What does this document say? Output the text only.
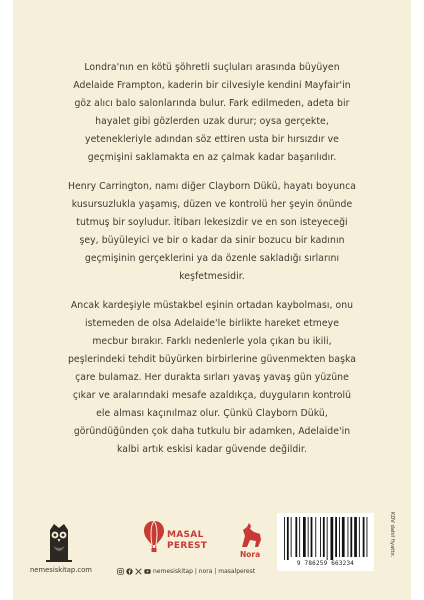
Londra'nın en kötü şöhretli suçluları arasında büyüyen Adelaide Frampton, kaderin bir cilvesiyle kendini Mayfair'in göz alıcı balo salonlarında bulur. Fark edilmeden, adeta bir hayalet gibi gözlerden uzak durur; oysa gerçekte, yetenekleriyle adından söz ettiren usta bir hırsızdır ve geçmişini saklamakta en az çalmak kadar başarılıdır.

Henry Carrington, namı diğer Clayborn Dükü, hayatı boyunca kusursuzlukla yaşamış, düzen ve kontrolü her şeyin önünde tutmuş bir soyludur. İtibarı lekesizdir ve en son isteyeceği şey, büyüleyici ve bir o kadar da sinir bozucu bir kadının geçmişinin gerçeklerini ya da özenle sakladığı sırlarını keşfetmesidir.

Ancak kardeşiyle müstakbel eşinin ortadan kaybolması, onu istemeden de olsa Adelaide'le birlikte hareket etmeye mecbur bırakır. Farklı nedenlerle yola çıkan bu ikili, peşlerindeki tehdit büyürken birbirlerine güvenmekten başka çare bulamaz. Her durakta sırları yavaş yavaş gün yüzüne çıkar ve aralarındaki mesafe azaldıkça, duyguların kontrolü ele alması kaçınılmaz olur. Çünkü Clayborn Dükü, göründüğünden çok daha tutkulu bir adamken, Adelaide'in kalbi artık eskisi kadar güvende değildir.

MASAL
PEREST
Nora
nemesiskitap.com	nemesiskitap | nora | masalperest
9 786259 663234
KDV dahil fiyattır.
